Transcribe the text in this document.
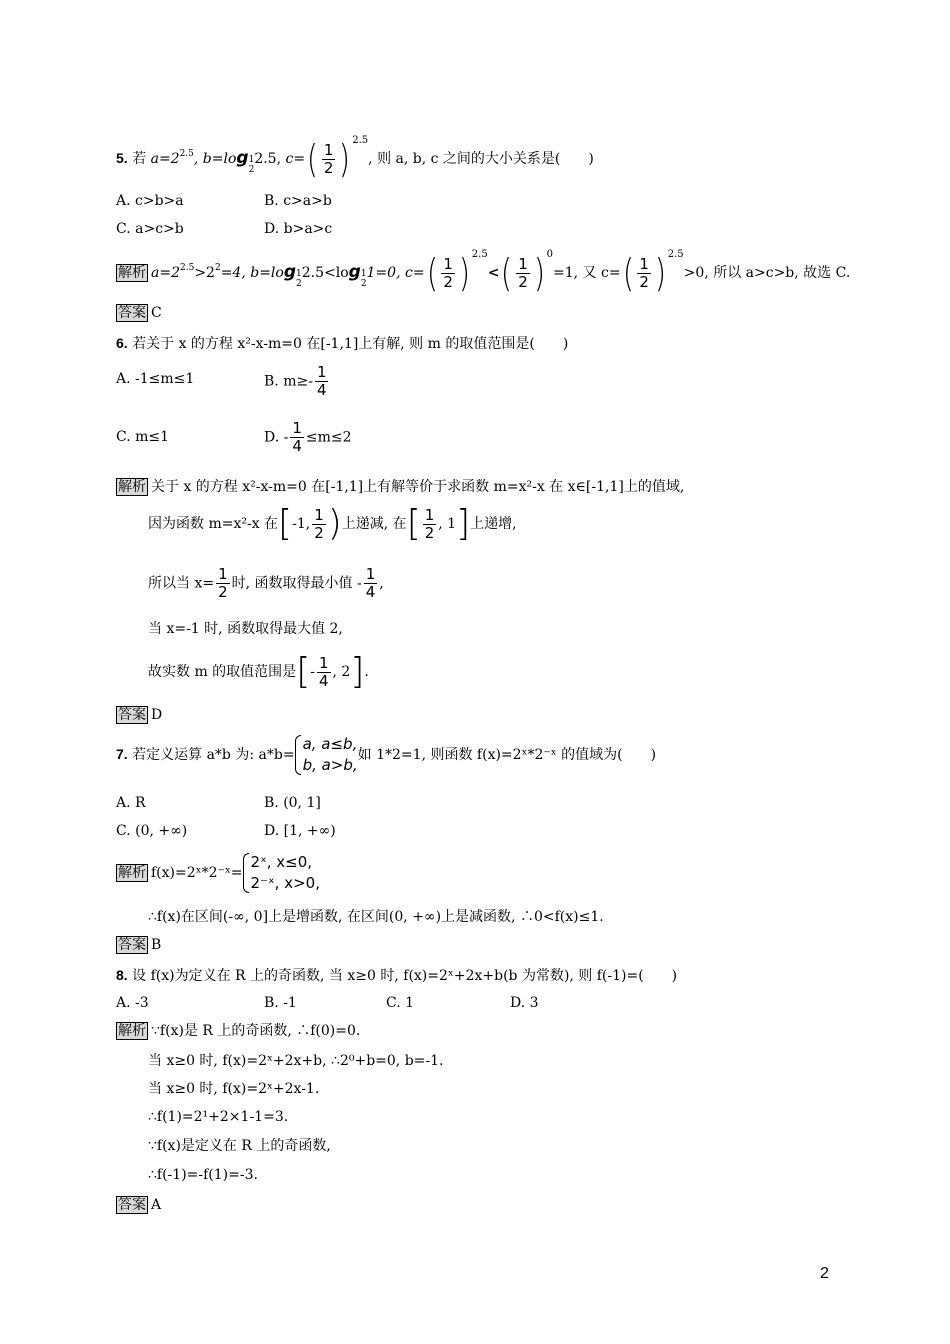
5. 若 $a=2^{2.5}$, b=log1
22.5, $c=( \frac{1}{2}$ ) $^{2.5}$, 则 a, b, c 之间的大小关系是(　　)
A. c>b>a	B. c>a>b
C. a>c>b	D. b>a>c
解析 $a=2^{2.5}>2^2=4$, b=log1
22.5<log1
21=0, $c=( \frac{1}{2}$ ) $^{2.5}<( \frac{1}{2}$ ) $^0$=1, 又 $c=( \frac{1}{2}$ ) $^{2.5}$>0, 所以 a>c>b, 故选 C.
答案 C
6. 若关于 x 的方程 x²-x-m=0 在[-1,1]上有解, 则 m 的取值范围是(　　)
A. -1≤m≤1	B. $m\ge- \frac{1}{4}$
C. m≤1	D. - $\frac{1}{4} \le m\le 2$
解析 关于 x 的方程 x²-x-m=0 在[-1,1]上有解等价于求函数 m=x²-x 在 x∈[-1,1]上的值域,
因为函数 m=x²-x 在[-1, $\frac{1}{2}$ )上递减, 在[ $\frac{1}{2}$ , 1]上递增,
所以当 $x= \frac{1}{2}$ 时, 函数取得最小值 - $\frac{1}{4}$ ,
当 x=-1 时, 函数取得最大值 2,
故实数 m 的取值范围是[- $\frac{1}{4}$ , 2].
答案 D
7. 若定义运算 a*b 为: a*b=
a, a≤b,
b, a>b,
如 1*2=1, 则函数 f(x)=2ˣ*2⁻ˣ 的值域为(　　)
A. R	B. (0, 1]
C. (0, +∞)	D. [1, +∞)
解析 f(x)=2ˣ*2⁻ˣ=
2ˣ, x≤0,
2⁻ˣ, x>0,
∴f(x)在区间(-∞, 0]上是增函数, 在区间(0, +∞)上是减函数, ∴0<f(x)≤1.
答案 B
8. 设 f(x)为定义在 R 上的奇函数, 当 x≥0 时, f(x)=2ˣ+2x+b(b 为常数), 则 f(-1)=(　　)
A. -3	B. -1	C. 1	D. 3
解析 ∵f(x)是 R 上的奇函数, ∴f(0)=0.
当 x≥0 时, f(x)=2ˣ+2x+b, ∴2⁰+b=0, b=-1.
当 x≥0 时, f(x)=2ˣ+2x-1.
∴f(1)=2¹+2×1-1=3.
∵f(x)是定义在 R 上的奇函数,
∴f(-1)=-f(1)=-3.
答案 A
2
